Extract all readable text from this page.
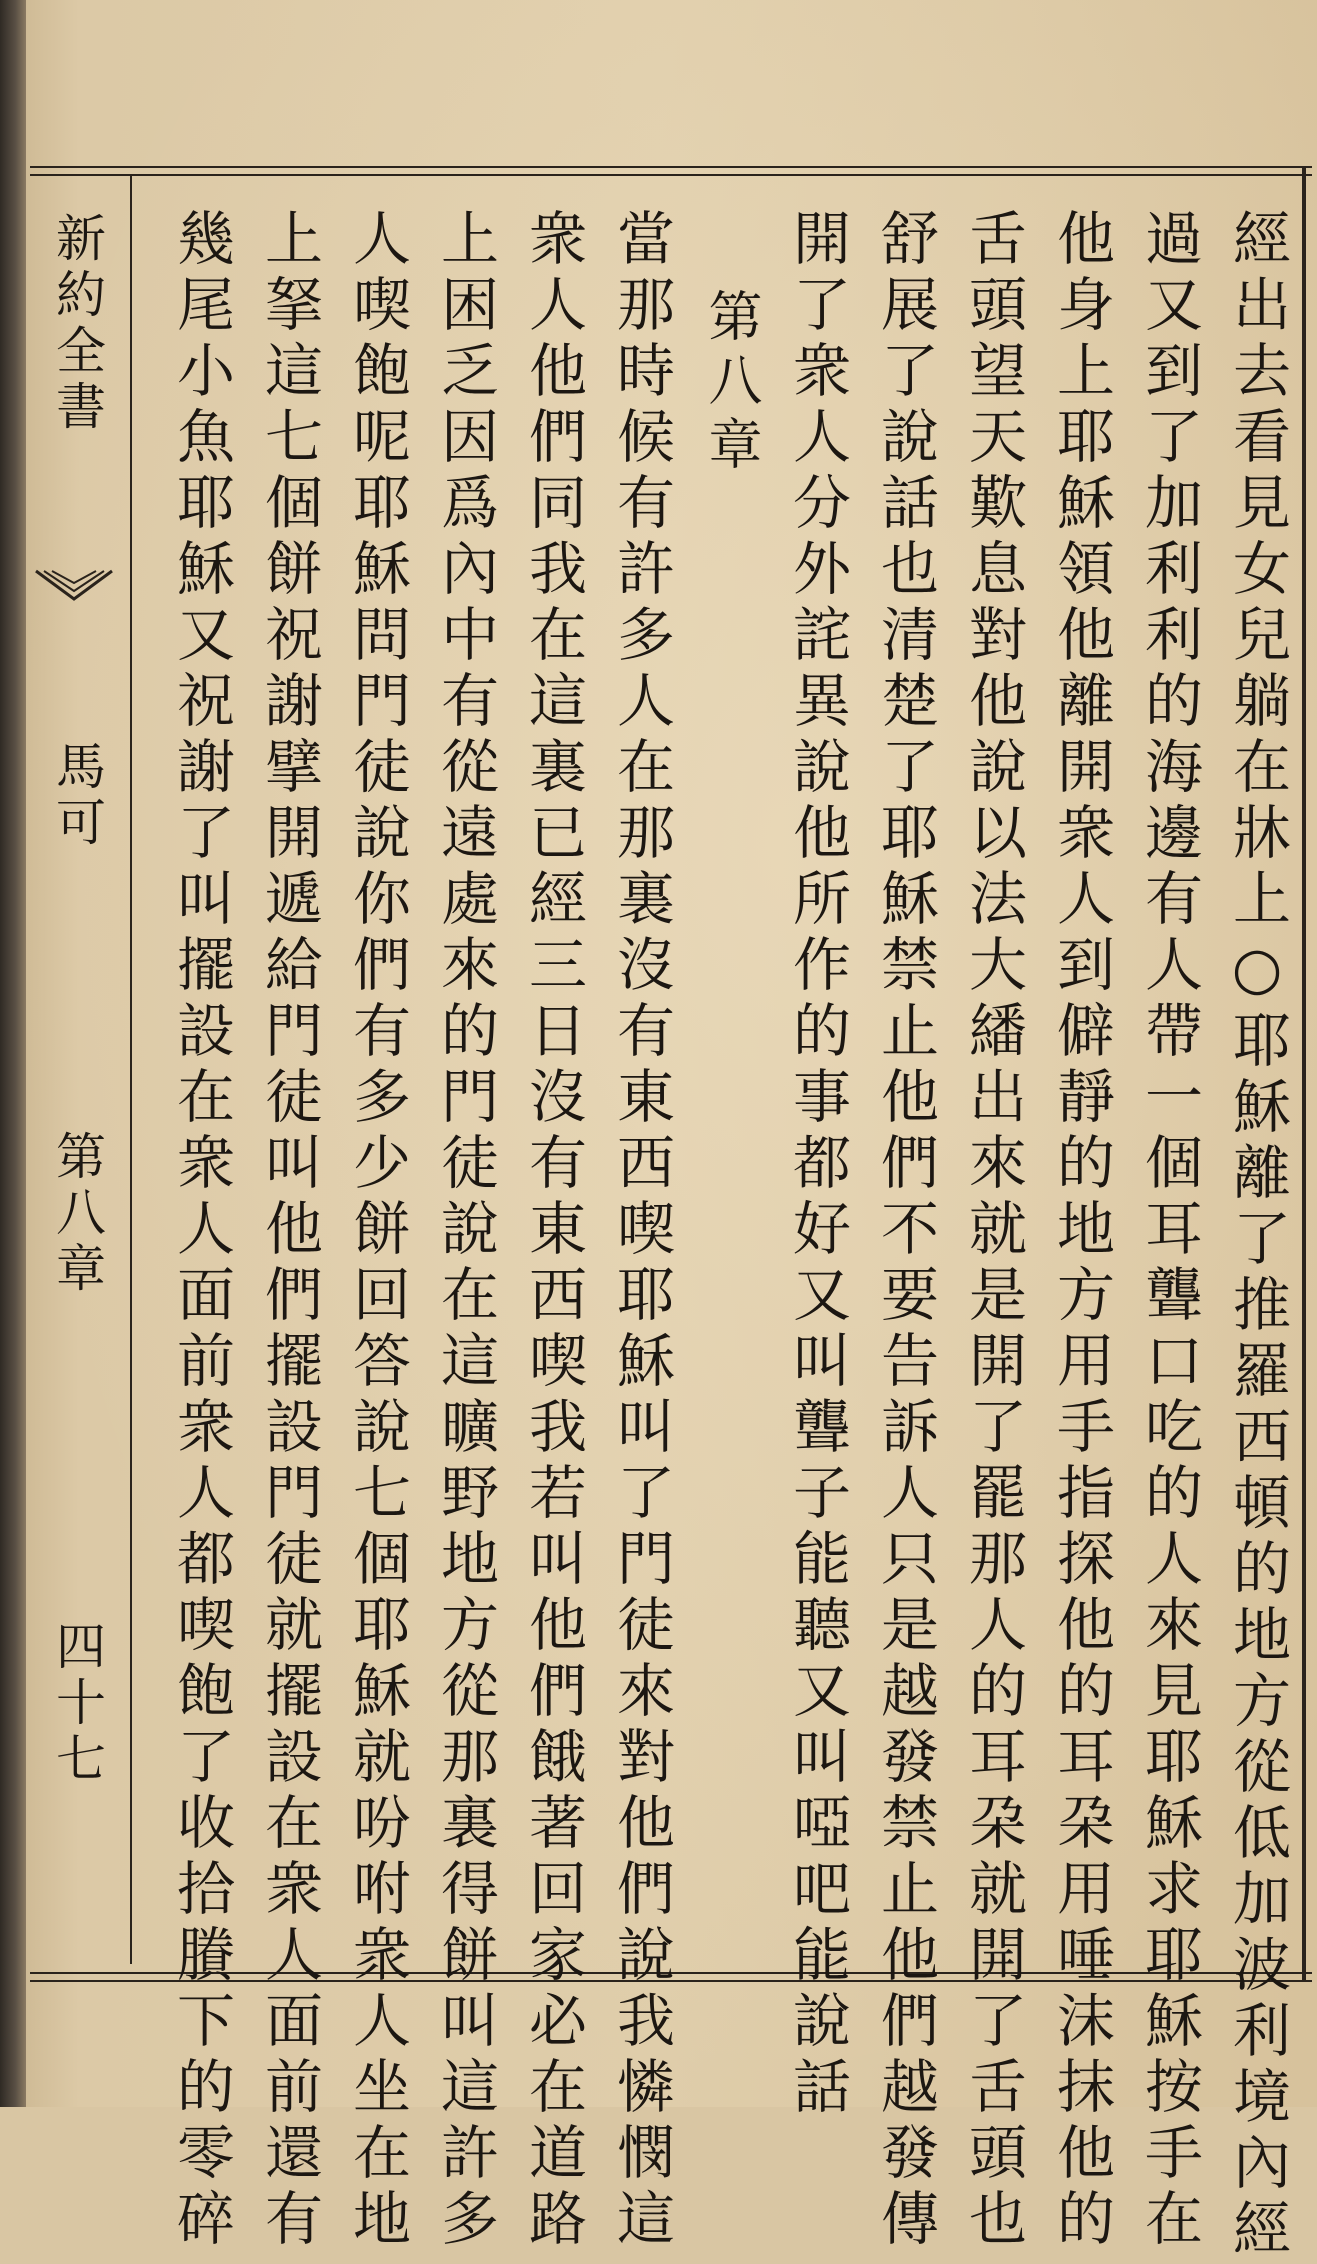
新約全書
馬可
第八章
四十七	經出去看見女兒躺在牀上○耶穌離了推羅西頓的地方從低加波利境內經
過又到了加利利的海邊有人帶一個耳聾口吃的人來見耶穌求耶穌按手在
他身上耶穌領他離開衆人到僻靜的地方用手指探他的耳朶用唾沫抹他的
舌頭望天歎息對他說以法大繙出來就是開了罷那人的耳朶就開了舌頭也
舒展了說話也清楚了耶穌禁止他們不要告訴人只是越發禁止他們越發傳
開了衆人分外詫異說他所作的事都好又叫聾子能聽又叫啞吧能說話
第八章
當那時候有許多人在那裏沒有東西喫耶穌叫了門徒來對他們說我憐憫這
衆人他們同我在這裏已經三日沒有東西喫我若叫他們餓著回家必在道路
上困乏因爲內中有從遠處來的門徒說在這曠野地方從那裏得餅叫這許多
人喫飽呢耶穌問門徒說你們有多少餅回答說七個耶穌就吩咐衆人坐在地
上拏這七個餅祝謝擘開遞給門徒叫他們擺設門徒就擺設在衆人面前還有
幾尾小魚耶穌又祝謝了叫擺設在衆人面前衆人都喫飽了收拾賸下的零碎
